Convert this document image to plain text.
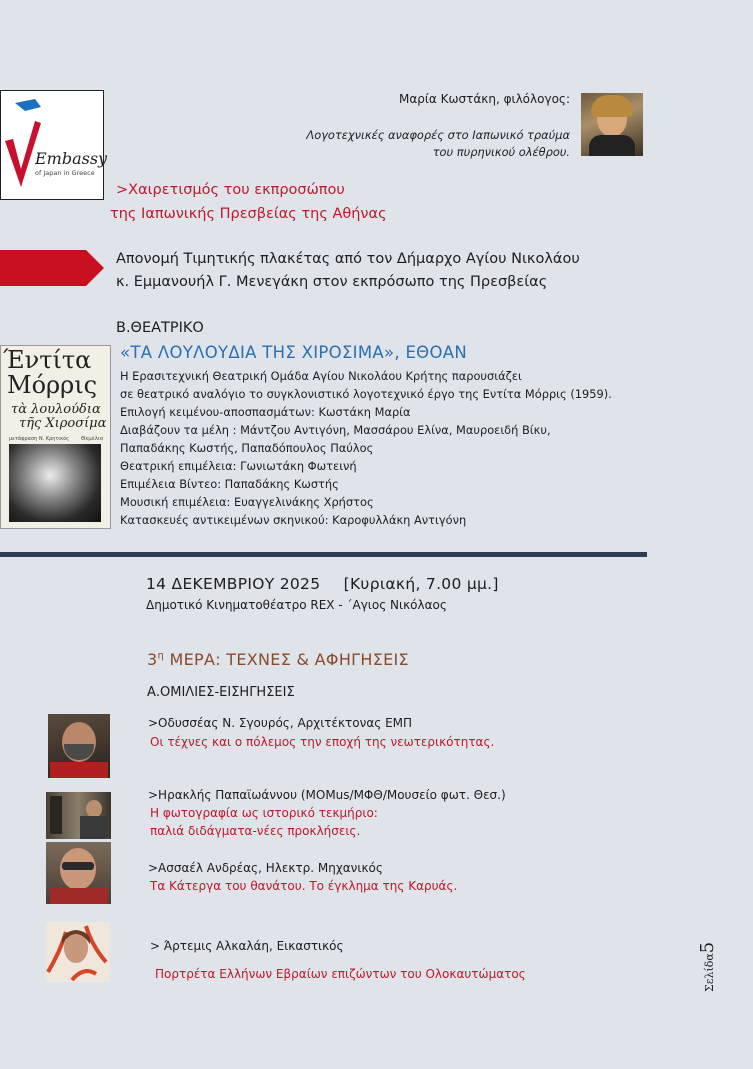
Μαρία Κωστάκη, φιλόλογος:
Λογοτεχνικές αναφορές στο Ιαπωνικό τραύμα
του πυρηνικού ολέθρου.
Embassy
of Japan in Greece
>Χαιρετισμός του εκπροσώπου
της Ιαπωνικής Πρεσβείας της Αθήνας
Απονομή Τιμητικής πλακέτας από τον Δήμαρχο Αγίου Νικολάου
κ. Εμμανουήλ Γ. Μενεγάκη στον εκπρόσωπο της Πρεσβείας
Β.ΘΕΑΤΡΙΚΟ
«ΤΑ ΛΟΥΛΟΥΔΙΑ ΤΗΣ ΧΙΡΟΣΙΜΑ», ΕΘΟΑΝ
Η Ερασιτεχνική Θεατρική Ομάδα Αγίου Νικολάου Κρήτης παρουσιάζει
σε θεατρικό αναλόγιο το συγκλονιστικό λογοτεχνικό έργο της Εντίτα Μόρρις (1959).
Επιλογή κειμένου-αποσπασμάτων: Κωστάκη Μαρία
Διαβάζουν τα μέλη : Μάντζου Αντιγόνη, Μασσάρου Ελίνα, Μαυροειδή Βίκυ,
Παπαδάκης Κωστής, Παπαδόπουλος Παύλος
Θεατρική επιμέλεια: Γωνιωτάκη Φωτεινή
Επιμέλεια Βίντεο: Παπαδάκης Κωστής
Μουσική επιμέλεια: Ευαγγελινάκης Χρήστος
Κατασκευές αντικειμένων σκηνικού: Καροφυλλάκη Αντιγόνη
Έντίτα
Μόρρις
τὰ λουλούδια
τῆς Χιροσίμα
μετάφραση Ν. Κρητικός Θεμέλιο
14 ΔΕΚΕΜΒΡΙΟΥ 2025 [Κυριακή, 7.00 μμ.]
Δημοτικό Κινηματοθέατρο REX - ΄Αγιος Νικόλαος
$3^\eta$ ΜΕΡΑ: ΤΕΧΝΕΣ & ΑΦΗΓΗΣΕΙΣ
Α.ΟΜΙΛΙΕΣ-ΕΙΣΗΓΗΣΕΙΣ
>Οδυσσέας Ν. Σγουρός, Αρχιτέκτονας ΕΜΠ
Οι τέχνες και ο πόλεμος την εποχή της νεωτερικότητας.
>Ηρακλής Παπαϊωάννου (ΜΟΜus/ΜΦΘ/Μουσείο φωτ. Θεσ.)
Η φωτογραφία ως ιστορικό τεκμήριο:
παλιά διδάγματα-νέες προκλήσεις.
>Ασσαέλ Ανδρέας, Ηλεκτρ. Μηχανικός
Τα Κάτεργα του θανάτου. Το έγκλημα της Καρυάς.
> Άρτεμις Αλκαλάη, Εικαστικός
Πορτρέτα Ελλήνων Εβραίων επιζώντων του Ολοκαυτώματος	Σελίδα5
